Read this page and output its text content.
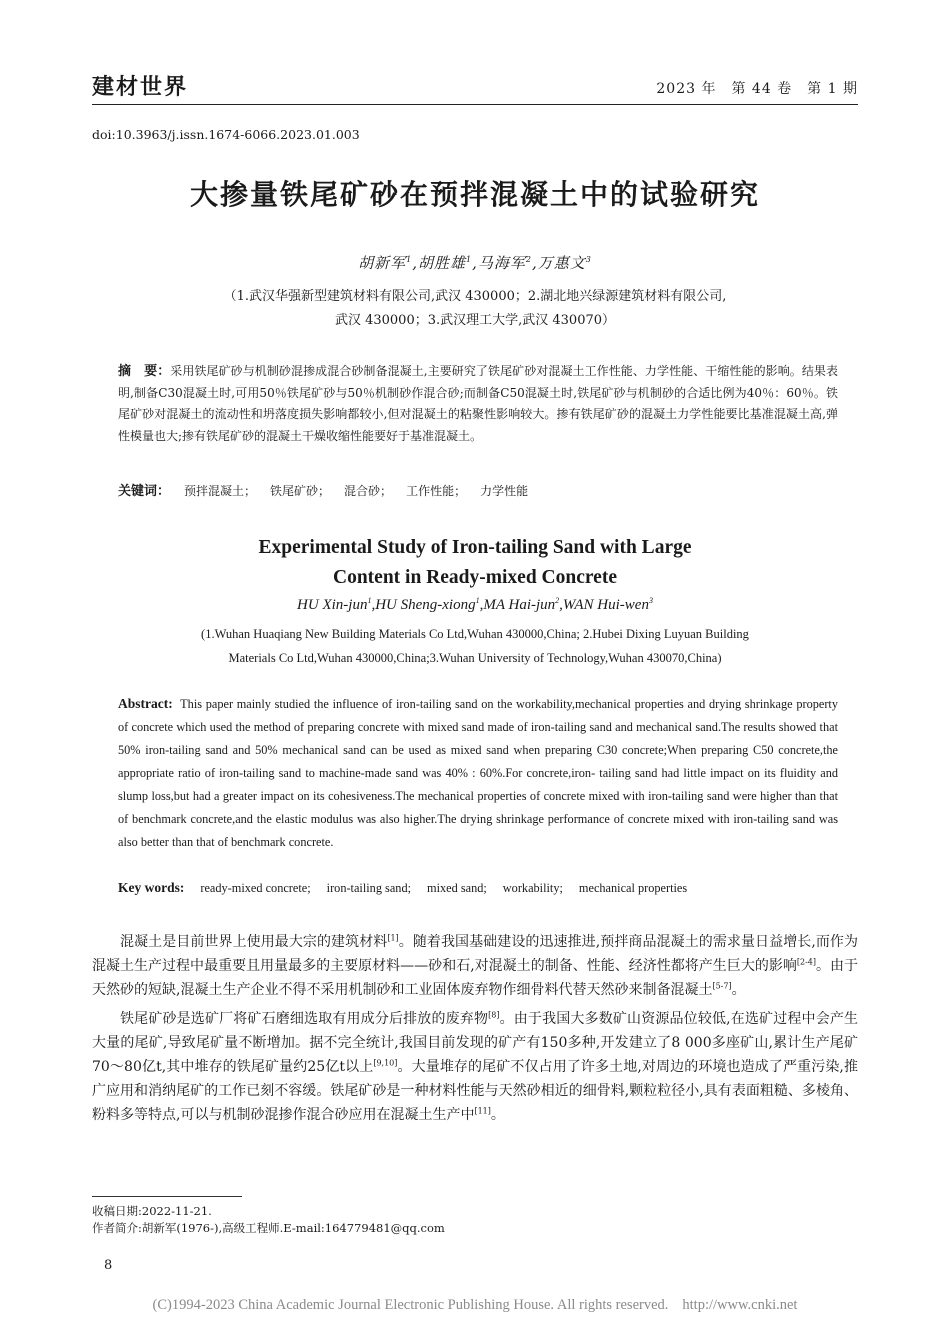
建材世界	2023 年　第 44 卷　第 1 期
doi:10.3963/j.issn.1674-6066.2023.01.003
大掺量铁尾矿砂在预拌混凝土中的试验研究
胡新军$^1$,胡胜雄$^1$,马海军$^2$,万惠文$^3$
（1.武汉华强新型建筑材料有限公司,武汉 430000；2.湖北地兴绿源建筑材料有限公司,
武汉 430000；3.武汉理工大学,武汉 430070）
摘　要：采用铁尾矿砂与机制砂混掺成混合砂制备混凝土,主要研究了铁尾矿砂对混凝土工作性能、力学性能、干缩性能的影响。结果表明,制备C30混凝土时,可用50％铁尾矿砂与50％机制砂作混合砂;而制备C50混凝土时,铁尾矿砂与机制砂的合适比例为40％：60％。铁尾矿砂对混凝土的流动性和坍落度损失影响都较小,但对混凝土的粘聚性影响较大。掺有铁尾矿砂的混凝土力学性能要比基准混凝土高,弹性模量也大;掺有铁尾矿砂的混凝土干燥收缩性能要好于基准混凝土。
关键词： 预拌混凝土； 铁尾矿砂； 混合砂； 工作性能； 力学性能
Experimental Study of Iron-tailing Sand with Large
Content in Ready-mixed Concrete
HU Xin-jun$^1$,HU Sheng-xiong$^1$,MA Hai-jun$^2$,WAN Hui-wen$^3$
(1.Wuhan Huaqiang New Building Materials Co Ltd,Wuhan 430000,China; 2.Hubei Dixing Luyuan Building
Materials Co Ltd,Wuhan 430000,China;3.Wuhan University of Technology,Wuhan 430070,China)
Abstract: This paper mainly studied the influence of iron-tailing sand on the workability,mechanical properties and drying shrinkage property of concrete which used the method of preparing concrete with mixed sand made of iron-tailing sand and mechanical sand.The results showed that 50% iron-tailing sand and 50% mechanical sand can be used as mixed sand when preparing C30 concrete;When preparing C50 concrete,the appropriate ratio of iron-tailing sand to machine-made sand was 40% : 60%.For concrete,iron- tailing sand had little impact on its fluidity and slump loss,but had a greater impact on its cohesiveness.The mechanical properties of concrete mixed with iron-tailing sand were higher than that of benchmark concrete,and the elastic modulus was also higher.The drying shrinkage performance of concrete mixed with iron-tailing sand was also better than that of benchmark concrete.
Key words: ready-mixed concrete; iron-tailing sand; mixed sand; workability; mechanical properties

混凝土是目前世界上使用最大宗的建筑材料[1]。随着我国基础建设的迅速推进,预拌商品混凝土的需求量日益增长,而作为混凝土生产过程中最重要且用量最多的主要原材料——砂和石,对混凝土的制备、性能、经济性都将产生巨大的影响[2-4]。由于天然砂的短缺,混凝土生产企业不得不采用机制砂和工业固体废弃物作细骨料代替天然砂来制备混凝土[5-7]。

铁尾矿砂是选矿厂将矿石磨细选取有用成分后排放的废弃物[8]。由于我国大多数矿山资源品位较低,在选矿过程中会产生大量的尾矿,导致尾矿量不断增加。据不完全统计,我国目前发现的矿产有150多种,开发建立了8 000多座矿山,累计生产尾矿70～80亿t,其中堆存的铁尾矿量约25亿t以上[9,10]。大量堆存的尾矿不仅占用了许多土地,对周边的环境也造成了严重污染,推广应用和消纳尾矿的工作已刻不容缓。铁尾矿砂是一种材料性能与天然砂相近的细骨料,颗粒粒径小,具有表面粗糙、多棱角、粉料多等特点,可以与机制砂混掺作混合砂应用在混凝土生产中[11]。

收稿日期:2022-11-21.
作者简介:胡新军(1976-),高级工程师.E-mail:164779481@qq.com
8
(C)1994-2023 China Academic Journal Electronic Publishing House. All rights reserved. http://www.cnki.net
